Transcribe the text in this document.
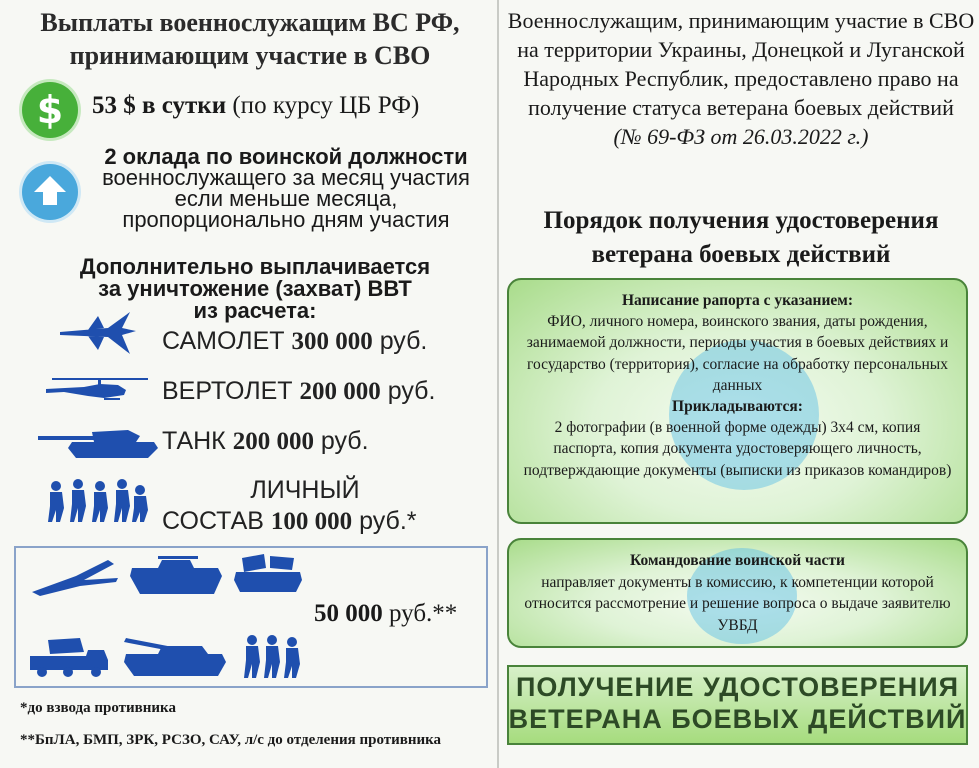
Выплаты военнослужащим ВС РФ,
принимающим участие в СВО
$ 53 $ в сутки (по курсу ЦБ РФ)
2 оклада по воинской должности военнослужащего за месяц участия если меньше месяца, пропорционально дням участия
Дополнительно выплачивается
за уничтожение (захват) ВВТ
из расчета:
САМОЛЕТ 300 000 руб.
ВЕРТОЛЕТ 200 000 руб.
ТАНК 200 000 руб.
ЛИЧНЫЙ
СОСТАВ 100 000 руб.*
50 000 руб.**
*до взвода противника
**БпЛА, БМП, ЗРК, РСЗО, САУ, л/с до отделения противника
Военнослужащим, принимающим участие в СВО на территории Украины, Донецкой и Луганской Народных Республик, предоставлено право на получение статуса ветерана боевых действий
(№ 69-ФЗ от 26.03.2022 г.)
Порядок получения удостоверения
ветерана боевых действий
Написание рапорта с указанием:
ФИО, личного номера, воинского звания, даты рождения, занимаемой должности, периоды участия в боевых действиях и государство (территория), согласие на обработку персональных данных
Прикладываются:
2 фотографии (в военной форме одежды) 3х4 см, копия паспорта, копия документа удостоверяющего личность, подтверждающие документы (выписки из приказов командиров)
Командование воинской части
направляет документы в комиссию, к компетенции которой относится рассмотрение и решение вопроса о выдаче заявителю УВБД
ПОЛУЧЕНИЕ УДОСТОВЕРЕНИЯ
ВЕТЕРАНА БОЕВЫХ ДЕЙСТВИЙ
